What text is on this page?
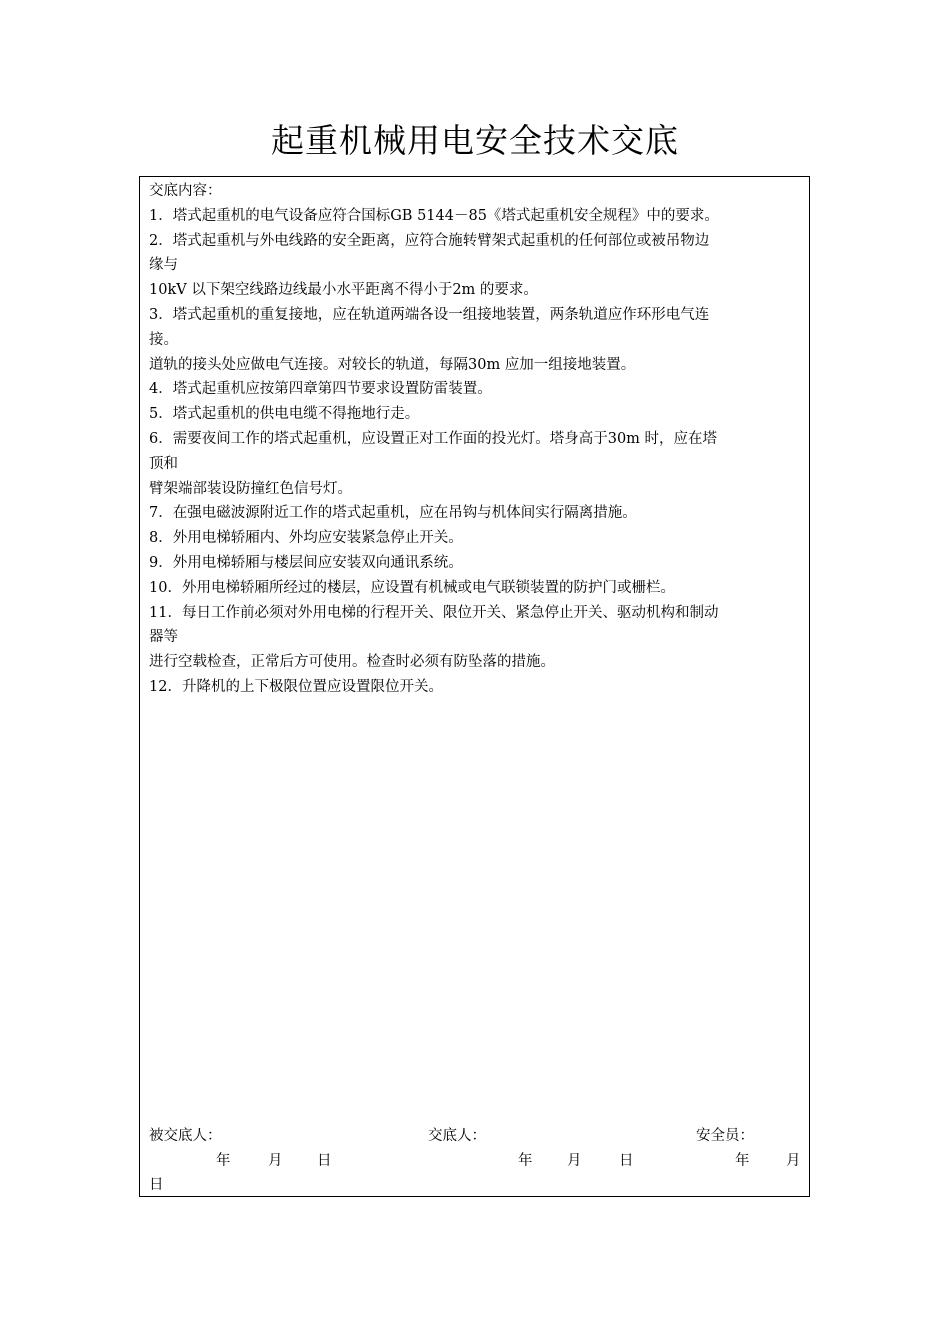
起重机械用电安全技术交底
交底内容：
1．塔式起重机的电气设备应符合国标GB 5144－85《塔式起重机安全规程》中的要求。
2．塔式起重机与外电线路的安全距离，应符合施转臂架式起重机的任何部位或被吊物边
缘与
10kV 以下架空线路边线最小水平距离不得小于2m 的要求。
3．塔式起重机的重复接地，应在轨道两端各设一组接地装置，两条轨道应作环形电气连
接。
道轨的接头处应做电气连接。对较长的轨道，每隔30m 应加一组接地装置。
4．塔式起重机应按第四章第四节要求设置防雷装置。
5．塔式起重机的供电电缆不得拖地行走。
6．需要夜间工作的塔式起重机，应设置正对工作面的投光灯。塔身高于30m 时，应在塔
顶和
臂架端部装设防撞红色信号灯。
7．在强电磁波源附近工作的塔式起重机，应在吊钩与机体间实行隔离措施。
8．外用电梯轿厢内、外均应安装紧急停止开关。
9．外用电梯轿厢与楼层间应安装双向通讯系统。
10．外用电梯轿厢所经过的楼层，应设置有机械或电气联锁装置的防护门或栅栏。
11．每日工作前必须对外用电梯的行程开关、限位开关、紧急停止开关、驱动机构和制动
器等
进行空载检查，正常后方可使用。检查时必须有防坠落的措施。
12．升降机的上下极限位置应设置限位开关。
被交底人：	交底人：	安全员：
年	月 日	年 月	日	年	月
日
